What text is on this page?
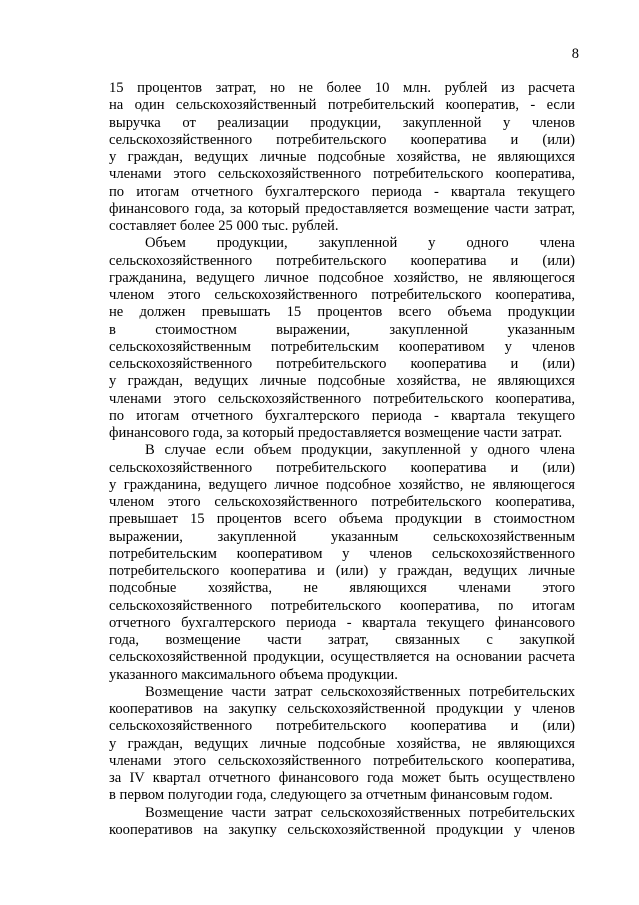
8

15 процентов затрат, но не более 10 млн. рублей из расчета
на один сельскохозяйственный потребительский кооператив, - если
выручка от реализации продукции, закупленной у членов
сельскохозяйственного потребительского кооператива и (или)
у граждан, ведущих личные подсобные хозяйства, не являющихся
членами этого сельскохозяйственного потребительского кооператива,
по итогам отчетного бухгалтерского периода - квартала текущего
финансового года, за который предоставляется возмещение части затрат,
составляет более 25 000 тыс. рублей.

Объем продукции, закупленной у одного члена
сельскохозяйственного потребительского кооператива и (или)
гражданина, ведущего личное подсобное хозяйство, не являющегося
членом этого сельскохозяйственного потребительского кооператива,
не должен превышать 15 процентов всего объема продукции
в стоимостном выражении, закупленной указанным
сельскохозяйственным потребительским кооперативом у членов
сельскохозяйственного потребительского кооператива и (или)
у граждан, ведущих личные подсобные хозяйства, не являющихся
членами этого сельскохозяйственного потребительского кооператива,
по итогам отчетного бухгалтерского периода - квартала текущего
финансового года, за который предоставляется возмещение части затрат.

В случае если объем продукции, закупленной у одного члена
сельскохозяйственного потребительского кооператива и (или)
у гражданина, ведущего личное подсобное хозяйство, не являющегося
членом этого сельскохозяйственного потребительского кооператива,
превышает 15 процентов всего объема продукции в стоимостном
выражении, закупленной указанным сельскохозяйственным
потребительским кооперативом у членов сельскохозяйственного
потребительского кооператива и (или) у граждан, ведущих личные
подсобные хозяйства, не являющихся членами этого
сельскохозяйственного потребительского кооператива, по итогам
отчетного бухгалтерского периода - квартала текущего финансового
года, возмещение части затрат, связанных с закупкой
сельскохозяйственной продукции, осуществляется на основании расчета
указанного максимального объема продукции.

Возмещение части затрат сельскохозяйственных потребительских
кооперативов на закупку сельскохозяйственной продукции у членов
сельскохозяйственного потребительского кооператива и (или)
у граждан, ведущих личные подсобные хозяйства, не являющихся
членами этого сельскохозяйственного потребительского кооператива,
за IV квартал отчетного финансового года может быть осуществлено
в первом полугодии года, следующего за отчетным финансовым годом.

Возмещение части затрат сельскохозяйственных потребительских
кооперативов на закупку сельскохозяйственной продукции у членов
